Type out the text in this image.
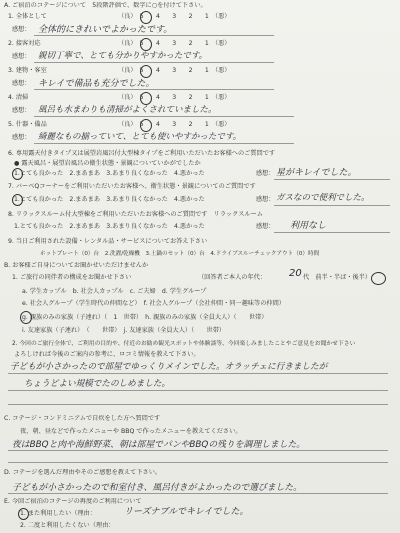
A. ご宿泊のコテージについて　5段階評価で、数字に○を付けて下さい。
1. 全体として	（良）　5　　4　　3　　2　　1　（悪）
感想： 全体的にきれいでよかったです。
2. 接客対応	（良）　5　　4　　3　　2　　1　（悪）
感想： 親切丁寧で、とても分かりやすかったです。
3. 建物・客室	（良）　5　　4　　3　　2　　1　（悪）
感想： キレイで備品も充分でした。
4. 清掃	（良）　5　　4　　3　　2　　1　（悪）
感想： 風呂も水まわりも清掃がよくされていました。
5. 什器・備品	（良）　5　　4　　3　　2　　1　（悪）
感想： 綺麗なもの揃っていて、とても使いやすかったです。
6. 専用露天付きタイプ又は展望岩風呂付大型棟タイプをご利用いただいたお客様へのご質問です
● 露天風呂・展望岩風呂の衛生状態・景観についていかがでしたか
1.とても良かった　2.まあまあ　3.あまり良くなかった　4.悪かった	感想： 星がキレイでした。
7. バーベQコーナーをご利用いただいたお客様へ、衛生状態・景観についてのご質問です
1.とても良かった　2.まあまあ　3.あまり良くなかった　4.悪かった	感想： ガスなので便利でした。
8. リラックスルーム付大型棟をご利用いただいたお客様へのご質問です　リラックスルーム
1.とても良かった　2.まあまあ　3.あまり良くなかった　4.悪かった	感想： 利用なし
9. 当日ご利用された設備・レンタル品・サービスについてお答え下さい
ホットプレート（0）台　2.洗濯/乾燥機　3.土鍋のセット（0）台　4.ドライブスルーチェックアウト（0）時間
B. お客様ご自身についてお聞かせいただけませんか
1. ご旅行の同伴者の構成をお聞かせ下さい	（回答者ご本人の年代： 20 代　前半・半ば・後半）
a. 学生カップル　b. 社会人カップル　c. ご夫婦　d. 学生グループ
e. 社会人グループ（学生時代の仲間など）　f. 社会人グループ（会社仲間・同一趣味等の仲間）
g. 親族のみの家族（子連れ）（　1　世帯）　h. 親族のみの家族（全員大人）（　　世帯）
i. 友達家族（子連れ）　（　　世帯）　j. 友達家族（全員大人）（　　世帯）
2. 今回のご旅行全体で、ご利用の目的や、付近のお勧め観光スポットや体験談等、今回楽しみましたことやご意見をお聞かせ下さい
よろしければ今後のご案内の参考に、ロコミ情報を教えて下さい。
子どもが小さかったので部屋でゆっくりメインでした。オラッチェに行きましたが
ちょうどよい規模でたのしめました。
C. コテージ・コンドミニアムで自炊をした方へ質問です
夜、朝、昼などで作ったメニューや BBQ で作ったメニューを教えてください。
夜はBBQと肉や海鮮野菜、朝は部屋でパンやBBQの残りを調理しました。
D. コテージを選んだ理由やそのご感想を教えて下さい。
子どもが小さかったので和室付き、風呂付きがよかったので選びました。
E. 今回ご宿泊のコテージの再度のご利用について
1. また利用したい（理由：	リーズナブルでキレイでした。
2. 二度と利用したくない（理由：
